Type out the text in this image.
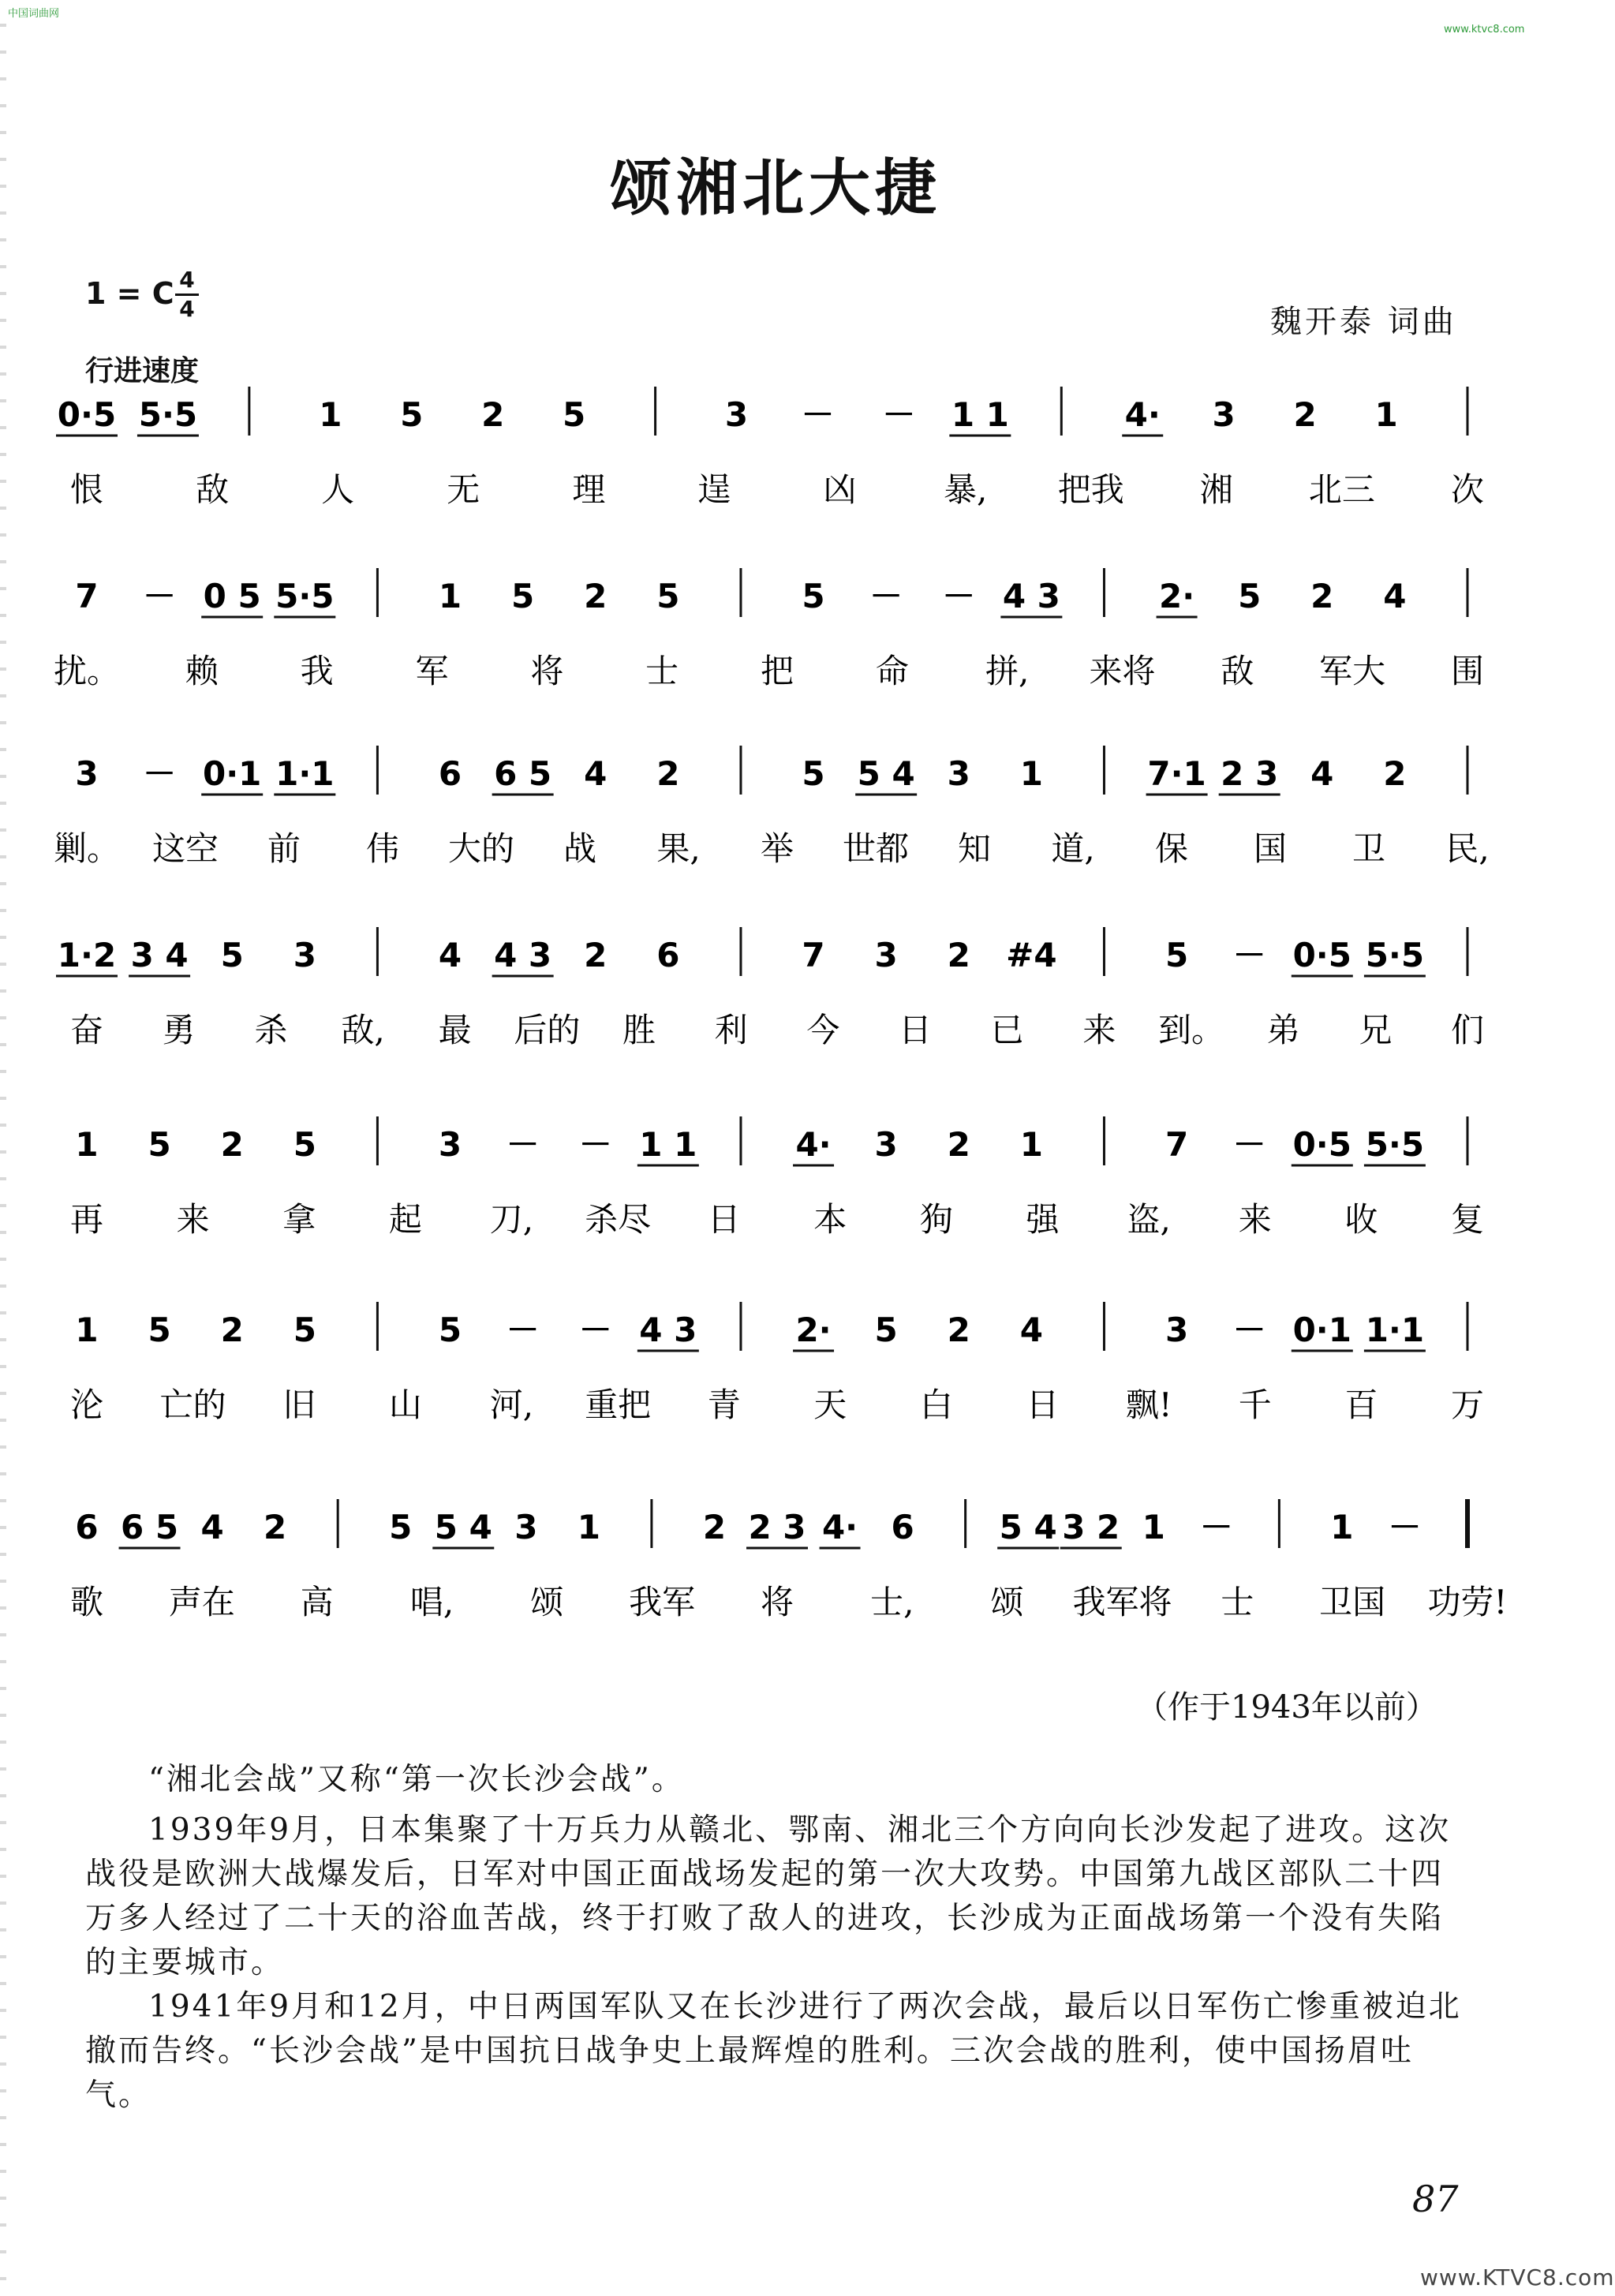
中国词曲网
www.ktvc8.com
颂湘北大捷
1 = C 4
4
行进速度
魏开泰 词曲
0·5 5·5	1 5 2 5	3 － － 1 1	4· 3 2 1
恨	敌	人	无	理	逞	凶	暴, 把我 湘 北三 次
7 － 0 5 5·5	1 5 2 5	5 － － 4 3	2· 5 2 4
扰。 赖 我 军 将 士 把 命 拼, 来将 敌 军大 围
3 － 0·1 1·1	6 6 5 4 2	5 5 4 3 1	7·1 2 3 4 2
剿。 这空 前 伟 大的 战 果, 举 世都 知 道, 保 国 卫 民,
1·2 3 4 5 3	4 4 3 2 6	7 3 2 #4	5 － 0·5 5·5
奋 勇 杀 敌, 最 后的 胜 利 今 日 已 来 到。 弟 兄 们
1 5 2 5	3 － － 1 1	4· 3 2 1	7 － 0·5 5·5
再 来 拿 起 刀, 杀尽 日 本 狗 强 盗, 来 收 复
1 5 2 5	5 － － 4 3	2· 5 2 4	3 － 0·1 1·1
沦 亡的 旧 山 河, 重把 青 天 白 日 飘! 千 百 万
6 6 5 4 2	5 5 4 3 1	2 2 3 4· 6	5 4 3 2 1 －	1 －
歌 声在 高 唱, 颂 我军 将 士, 颂 我军将 士 卫国 功劳!
（作于1943年以前）
“湘北会战”又称“第一次长沙会战”。
1939年9月，日本集聚了十万兵力从赣北、鄂南、湘北三个方向向长沙发起了进攻。这次战役是欧洲大战爆发后，日军对中国正面战场发起的第一次大攻势。中国第九战区部队二十四万多人经过了二十天的浴血苦战，终于打败了敌人的进攻，长沙成为正面战场第一个没有失陷的主要城市。
1941年9月和12月，中日两国军队又在长沙进行了两次会战，最后以日军伤亡惨重被迫北撤而告终。“长沙会战”是中国抗日战争史上最辉煌的胜利。三次会战的胜利，使中国扬眉吐气。
87
www.KTVC8.com
